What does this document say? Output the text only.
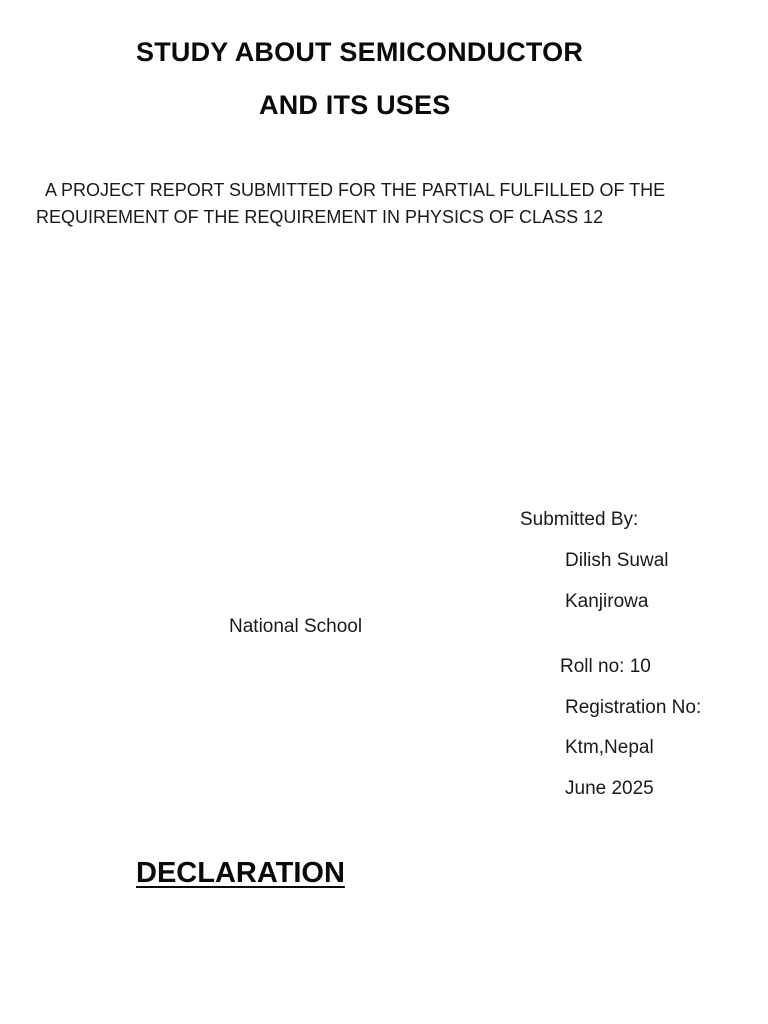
STUDY ABOUT SEMICONDUCTOR
AND ITS USES
A PROJECT REPORT SUBMITTED FOR THE PARTIAL FULFILLED OF THE
REQUIREMENT OF THE REQUIREMENT IN PHYSICS OF CLASS 12
Submitted By:
Dilish Suwal
Kanjirowa
National School
Roll no: 10
Registration No:
Ktm,Nepal
June 2025
DECLARATION
